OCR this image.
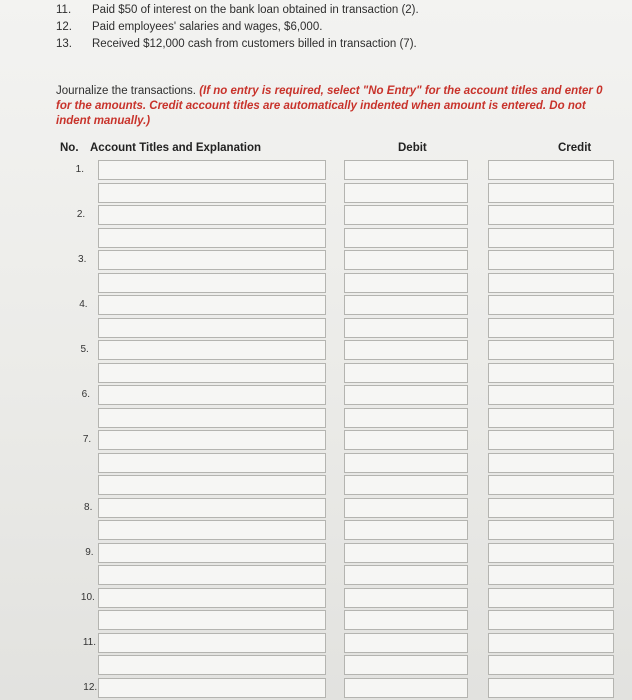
11. Paid $50 of interest on the bank loan obtained in transaction (2).
12. Paid employees' salaries and wages, $6,000.
13. Received $12,000 cash from customers billed in transaction (7).
Journalize the transactions. (If no entry is required, select "No Entry" for the account titles and enter 0 for the amounts. Credit account titles are automatically indented when amount is entered. Do not indent manually.)
No. Account Titles and Explanation	Debit	Credit
1.
2.
3.
4.
5.
6.
7.
8.
9.
10.
11.
12.
